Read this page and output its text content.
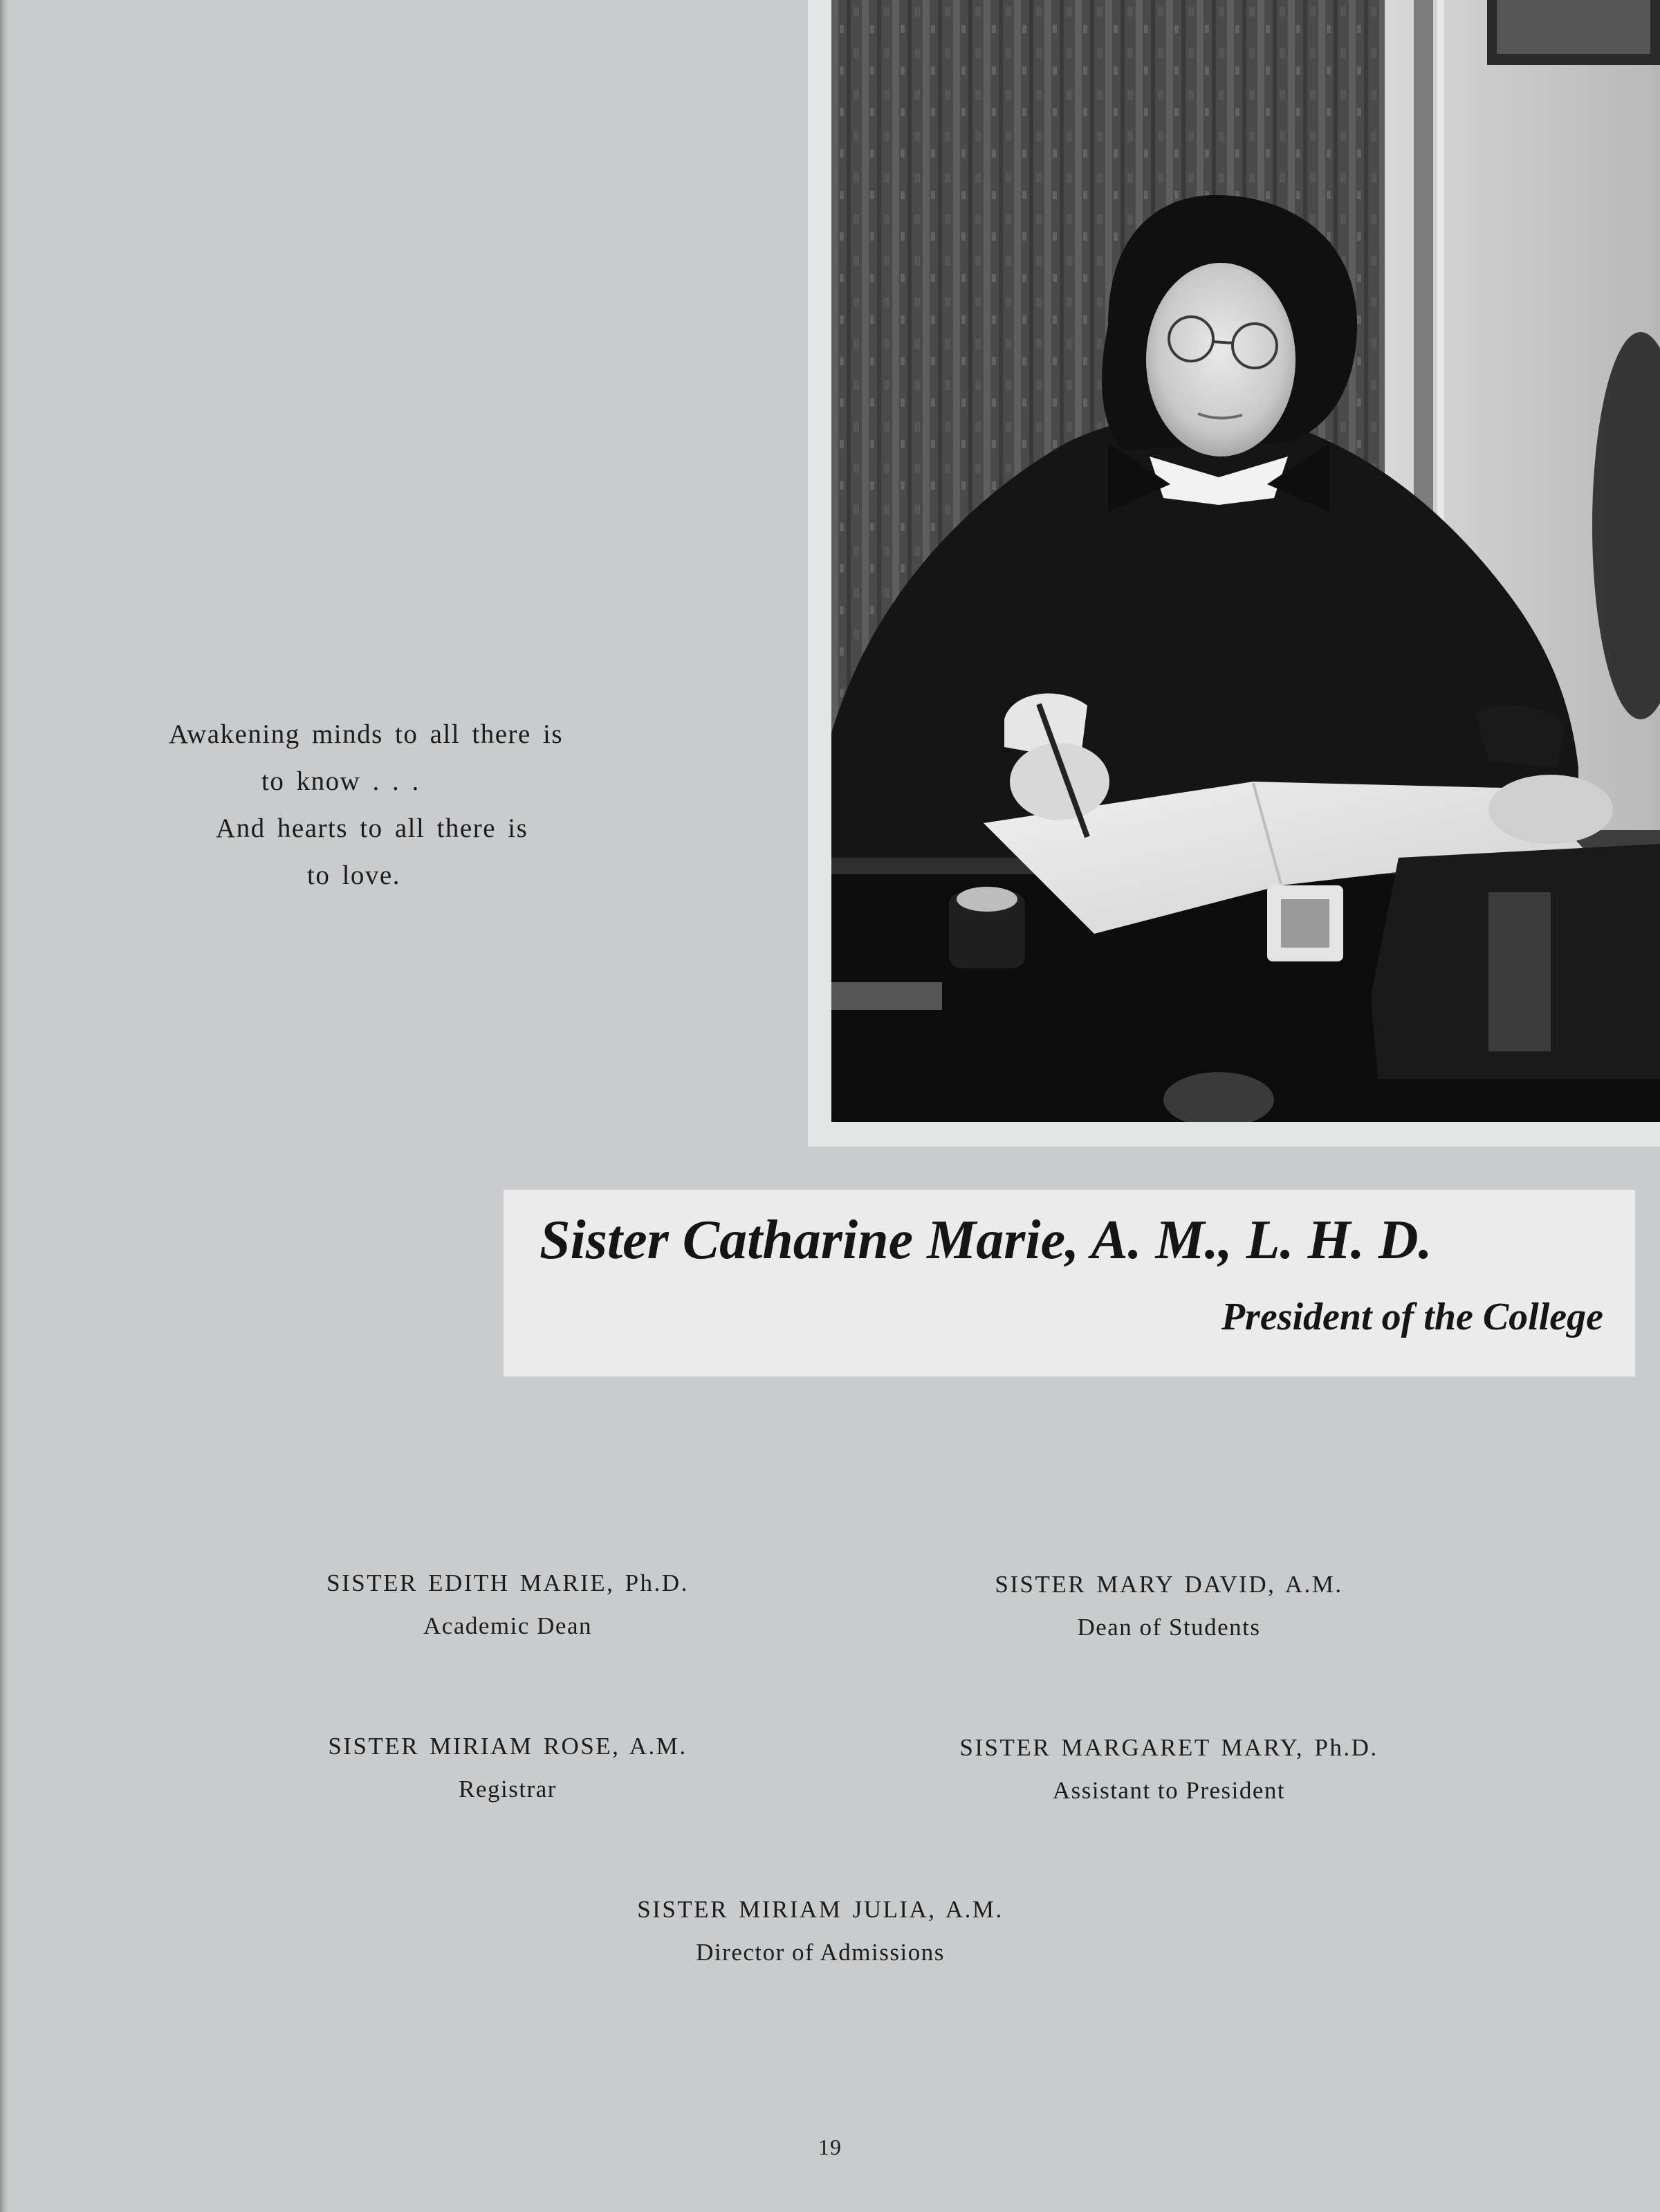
Awakening minds to all there is
to know . . .
And hearts to all there is
to love.
Sister Catharine Marie, A. M., L. H. D.
President of the College
SISTER EDITH MARIE, Ph.D.
Academic Dean
SISTER MARY DAVID, A.M.
Dean of Students
SISTER MIRIAM ROSE, A.M.
Registrar
SISTER MARGARET MARY, Ph.D.
Assistant to President
SISTER MIRIAM JULIA, A.M.
Director of Admissions
19
